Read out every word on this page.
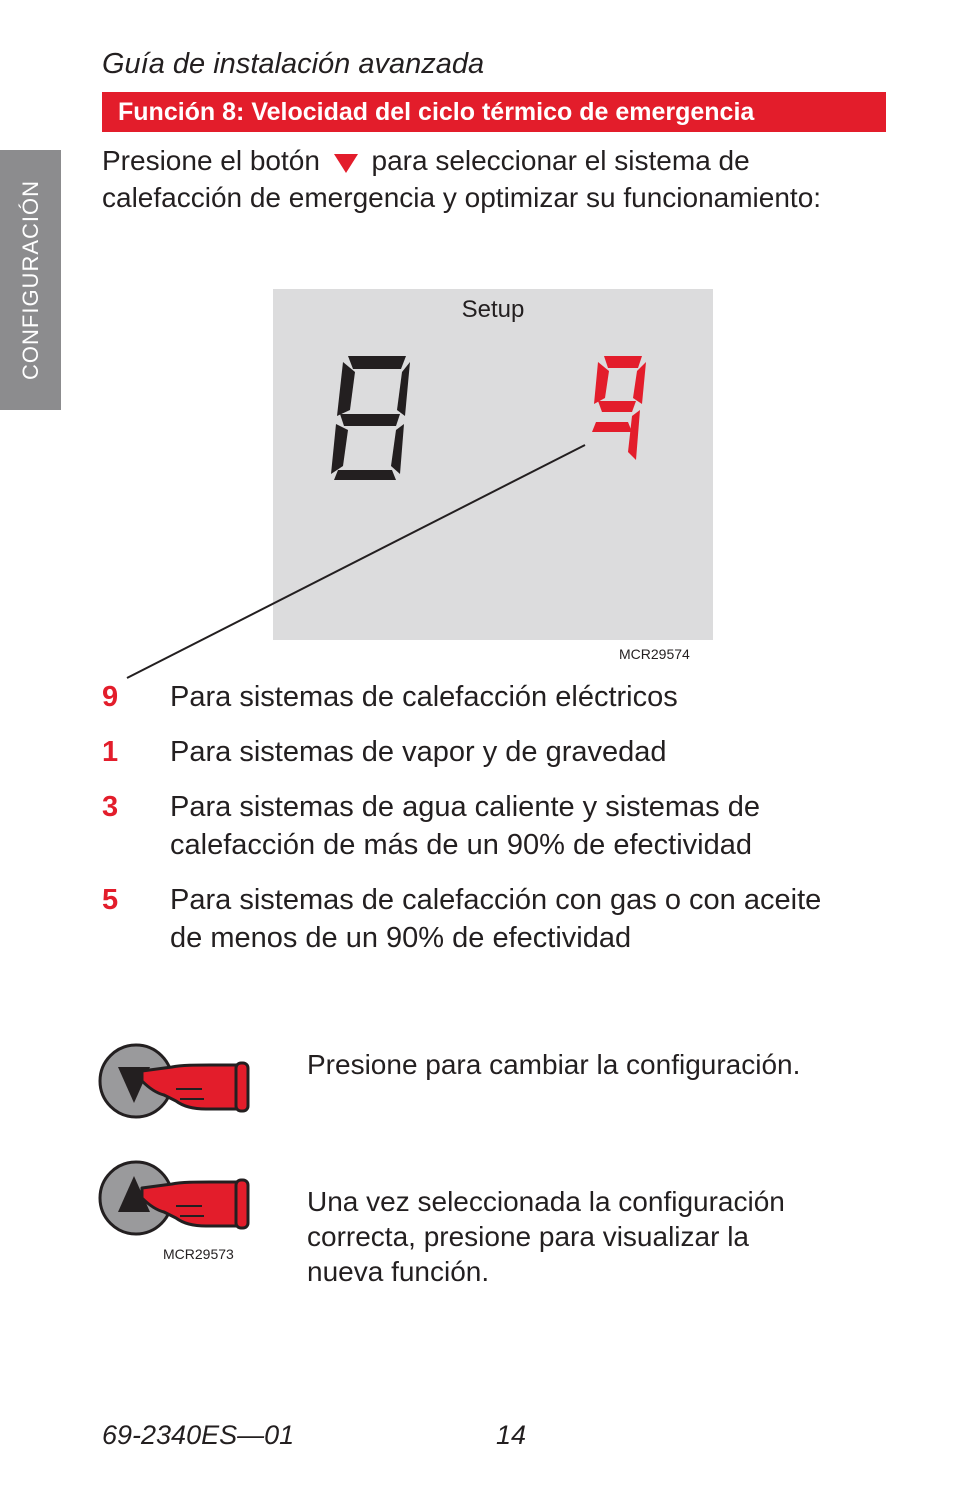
Guía de instalación avanzada
Función 8: Velocidad del ciclo térmico de emergencia
CONFIGURACIÓN
Presione el botón para seleccionar el sistema de calefacción de emergencia y optimizar su funcionamiento:
Setup
MCR29574
9 Para sistemas de calefacción eléctricos
1 Para sistemas de vapor y de gravedad
3 Para sistemas de agua caliente y sistemas de calefacción de más de un 90% de efectividad
5 Para sistemas de calefacción con gas o con aceite de menos de un 90% de efectividad
MCR29573
Presione para cambiar la configuración.
Una vez seleccionada la configuración correcta, presione para visualizar la nueva función.
69-2340ES—01	14
